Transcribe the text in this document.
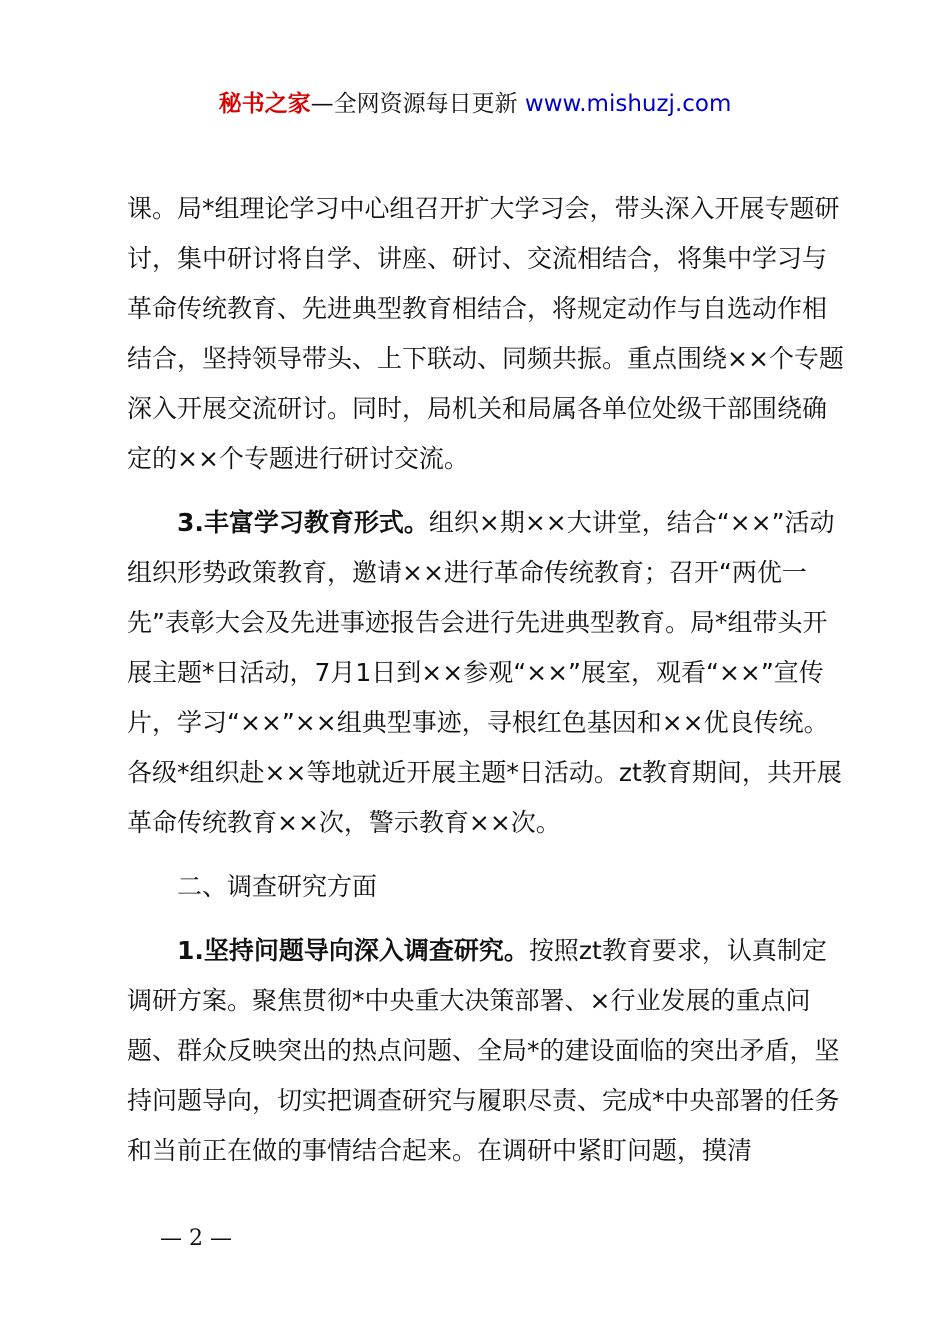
秘书之家—全网资源每日更新 www.mishuzj.com

课。局*组理论学习中心组召开扩大学习会，带头深入开展专题研讨，集中研讨将自学、讲座、研讨、交流相结合，将集中学习与革命传统教育、先进典型教育相结合，将规定动作与自选动作相结合，坚持领导带头、上下联动、同频共振。重点围绕××个专题深入开展交流研讨。同时，局机关和局属各单位处级干部围绕确定的××个专题进行研讨交流。

3.丰富学习教育形式。组织×期××大讲堂，结合“××”活动组织形势政策教育，邀请××进行革命传统教育；召开“两优一先”表彰大会及先进事迹报告会进行先进典型教育。局*组带头开展主题*日活动，7月1日到××参观“××”展室，观看“××”宣传片，学习“××”××组典型事迹，寻根红色基因和××优良传统。各级*组织赴××等地就近开展主题*日活动。zt教育期间，共开展革命传统教育××次，警示教育××次。

二、调查研究方面

1.坚持问题导向深入调查研究。按照zt教育要求，认真制定调研方案。聚焦贯彻*中央重大决策部署、×行业发展的重点问题、群众反映突出的热点问题、全局*的建设面临的突出矛盾，坚持问题导向，切实把调查研究与履职尽责、完成*中央部署的任务和当前正在做的事情结合起来。在调研中紧盯问题，摸清

— 2 —
